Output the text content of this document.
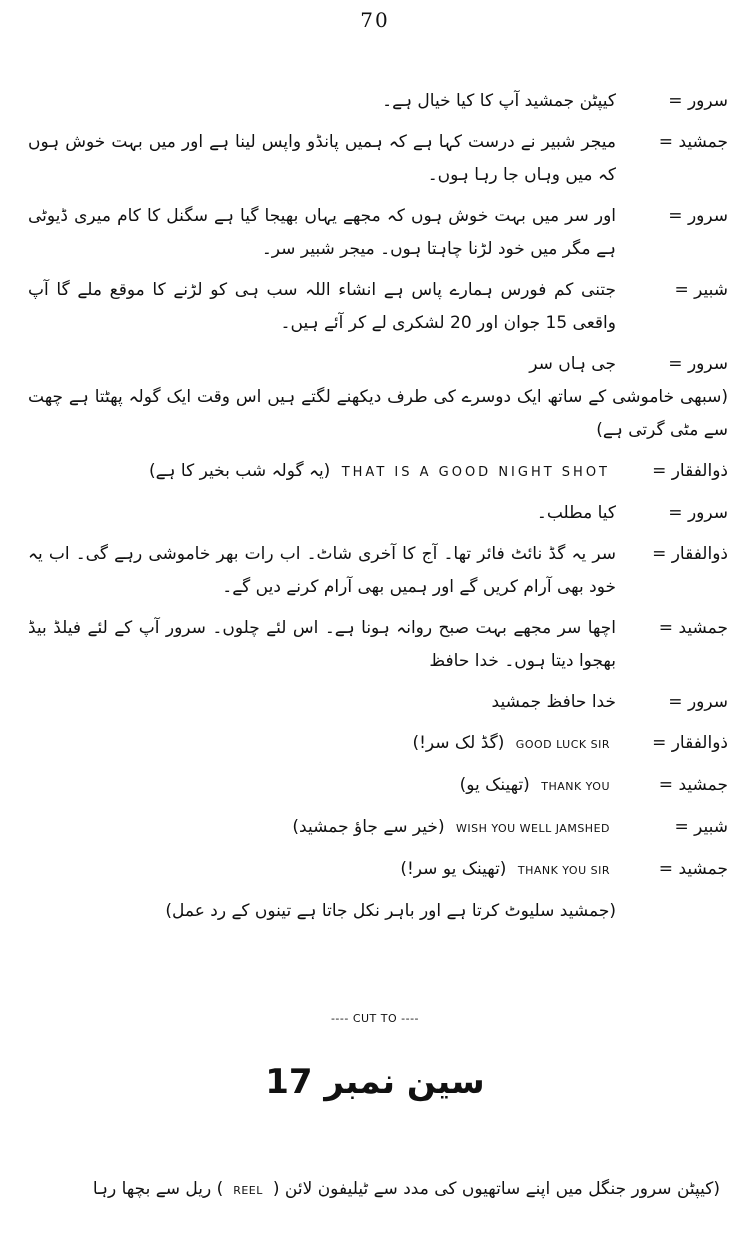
70
سرور =
کیپٹن جمشید آپ کا کیا خیال ہے۔
جمشید =
میجر شبیر نے درست کہا ہے کہ ہمیں پانڈو واپس لینا ہے اور میں بہت خوش ہوں کہ میں وہاں جا رہا ہوں۔
سرور =
اور سر میں بہت خوش ہوں کہ مجھے یہاں بھیجا گیا ہے سگنل کا کام میری ڈیوٹی ہے مگر میں خود لڑنا چاہتا ہوں۔ میجر شبیر سر۔
شبیر =
جتنی کم فورس ہمارے پاس ہے انشاء اللہ سب ہی کو لڑنے کا موقع ملے گا آپ واقعی 15 جوان اور 20 لشکری لے کر آئے ہیں۔
سرور =
جی ہاں سر
(سبھی خاموشی کے ساتھ ایک دوسرے کی طرف دیکھنے لگتے ہیں اس وقت ایک گولہ پھٹتا ہے چھت سے مٹی گرتی ہے)
ذوالفقار =
THAT IS A GOOD NIGHT SHOT (یہ گولہ شب بخیر کا ہے)
سرور =
کیا مطلب۔
ذوالفقار =
سر یہ گڈ نائٹ فائر تھا۔ آج کا آخری شاٹ۔ اب رات بھر خاموشی رہے گی۔ اب یہ خود بھی آرام کریں گے اور ہمیں بھی آرام کرنے دیں گے۔
جمشید =
اچھا سر مجھے بہت صبح روانہ ہونا ہے۔ اس لئے چلوں۔ سرور آپ کے لئے فیلڈ بیڈ بھجوا دیتا ہوں۔ خدا حافظ
سرور =
خدا حافظ جمشید
ذوالفقار =
GOOD LUCK SIR (گڈ لک سر!)
جمشید =
THANK YOU (تھینک یو)
شبیر =
WISH YOU WELL JAMSHED (خیر سے جاؤ جمشید)
جمشید =
THANK YOU SIR (تھینک یو سر!)
(جمشید سلیوٹ کرتا ہے اور باہر نکل جاتا ہے تینوں کے رد عمل)
---- CUT TO ----
سین نمبر 17
(کیپٹن سرور جنگل میں اپنے ساتھیوں کی مدد سے ٹیلیفون لائن (REEL) ریل سے بچھا رہا
